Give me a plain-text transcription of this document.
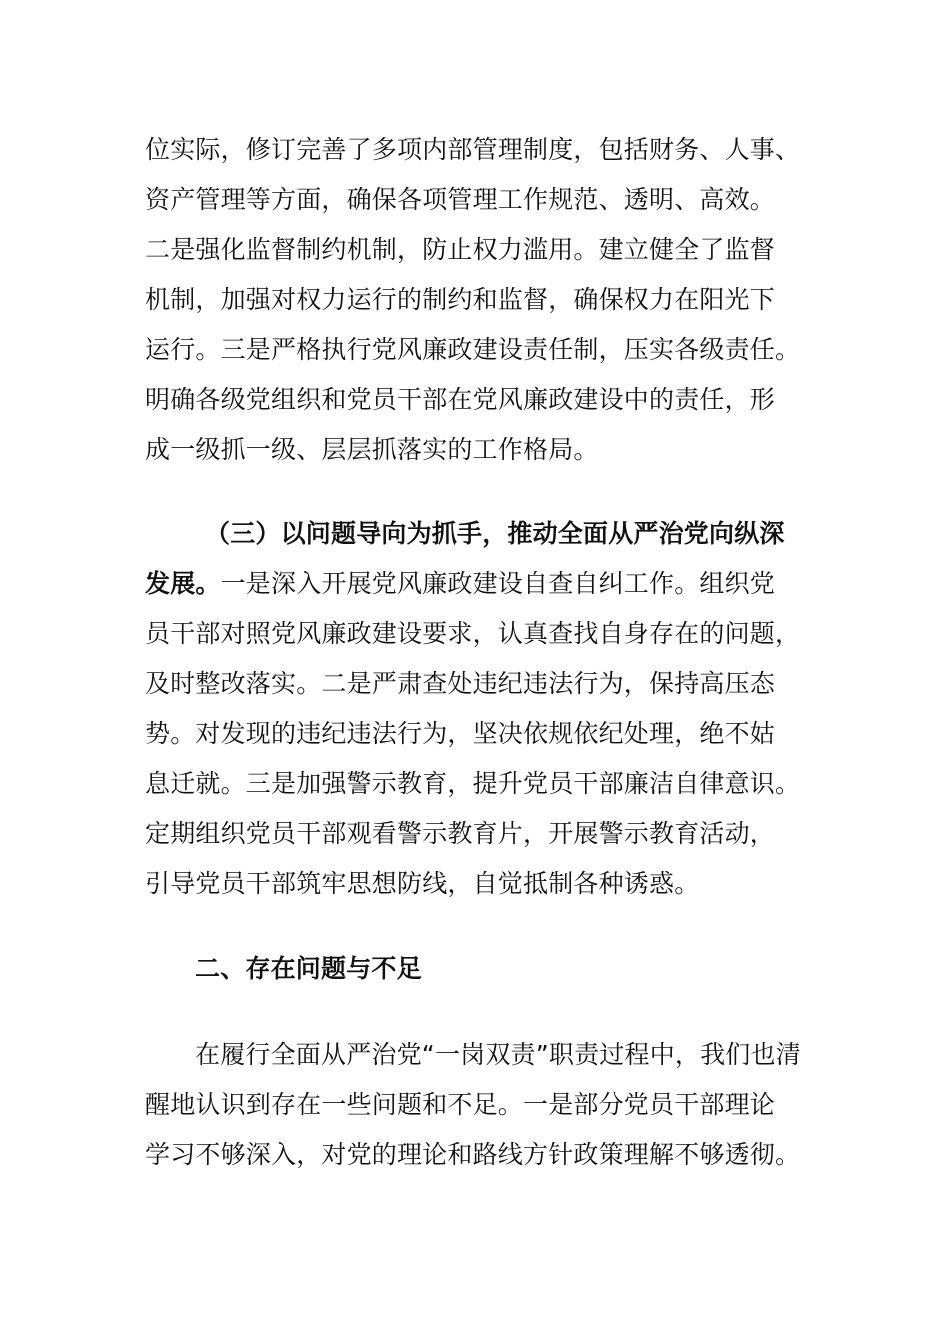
位实际，修订完善了多项内部管理制度，包括财务、人事、
资产管理等方面，确保各项管理工作规范、透明、高效。
二是强化监督制约机制，防止权力滥用。建立健全了监督
机制，加强对权力运行的制约和监督，确保权力在阳光下
运行。三是严格执行党风廉政建设责任制，压实各级责任。
明确各级党组织和党员干部在党风廉政建设中的责任，形
成一级抓一级、层层抓落实的工作格局。
（三）以问题导向为抓手，推动全面从严治党向纵深
发展。一是深入开展党风廉政建设自查自纠工作。组织党
员干部对照党风廉政建设要求，认真查找自身存在的问题，
及时整改落实。二是严肃查处违纪违法行为，保持高压态
势。对发现的违纪违法行为，坚决依规依纪处理，绝不姑
息迁就。三是加强警示教育，提升党员干部廉洁自律意识。
定期组织党员干部观看警示教育片，开展警示教育活动，
引导党员干部筑牢思想防线，自觉抵制各种诱惑。
二、存在问题与不足
在履行全面从严治党“一岗双责”职责过程中，我们也清
醒地认识到存在一些问题和不足。一是部分党员干部理论
学习不够深入，对党的理论和路线方针政策理解不够透彻。
